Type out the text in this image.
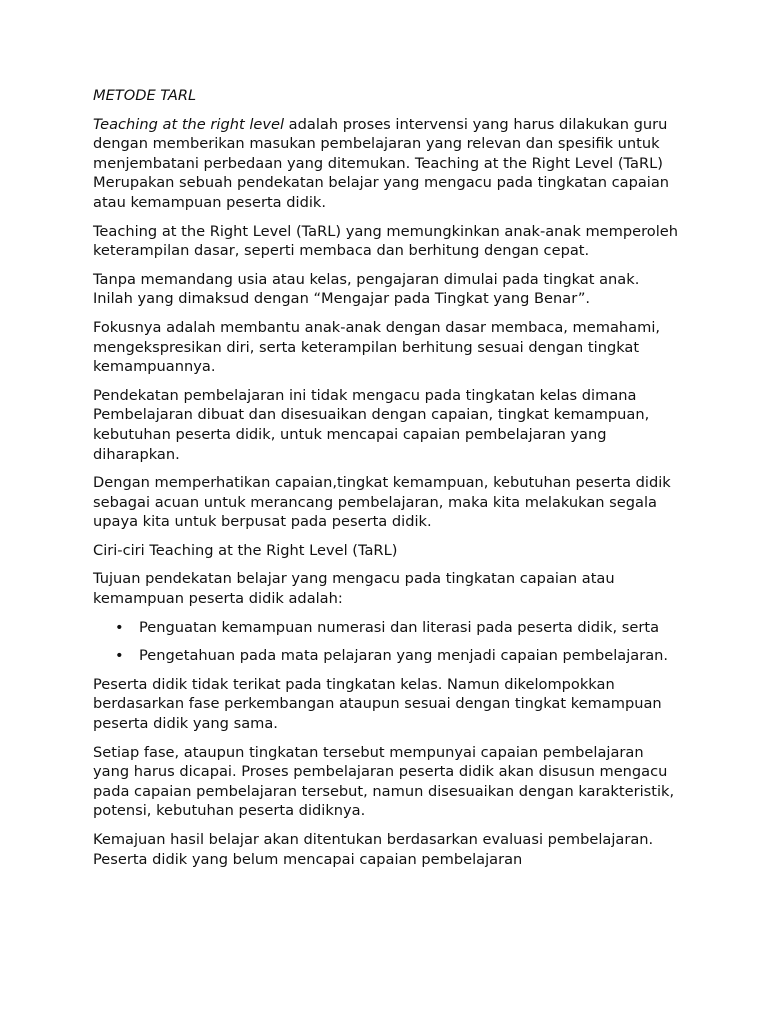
METODE TARL

Teaching at the right level adalah proses intervensi yang harus dilakukan guru dengan memberikan masukan pembelajaran yang relevan dan spesifik untuk menjembatani perbedaan yang ditemukan. Teaching at the Right Level (TaRL) Merupakan sebuah pendekatan belajar yang mengacu pada tingkatan capaian atau kemampuan peserta didik.

Teaching at the Right Level (TaRL) yang memungkinkan anak-anak memperoleh keterampilan dasar, seperti membaca dan berhitung dengan cepat.

Tanpa memandang usia atau kelas, pengajaran dimulai pada tingkat anak. Inilah yang dimaksud dengan “Mengajar pada Tingkat yang Benar”.

Fokusnya adalah membantu anak-anak dengan dasar membaca, memahami, mengekspresikan diri, serta keterampilan berhitung sesuai dengan tingkat kemampuannya.

Pendekatan pembelajaran ini tidak mengacu pada tingkatan kelas dimana Pembelajaran dibuat dan disesuaikan dengan capaian, tingkat kemampuan, kebutuhan peserta didik, untuk mencapai capaian pembelajaran yang diharapkan.

Dengan memperhatikan capaian,tingkat kemampuan, kebutuhan peserta didik sebagai acuan untuk merancang pembelajaran, maka kita melakukan segala upaya kita untuk berpusat pada peserta didik.

Ciri-ciri Teaching at the Right Level (TaRL)

Tujuan pendekatan belajar yang mengacu pada tingkatan capaian atau kemampuan peserta didik adalah:

• Penguatan kemampuan numerasi dan literasi pada peserta didik, serta
• Pengetahuan pada mata pelajaran yang menjadi capaian pembelajaran.

Peserta didik tidak terikat pada tingkatan kelas. Namun dikelompokkan berdasarkan fase perkembangan ataupun sesuai dengan tingkat kemampuan peserta didik yang sama.

Setiap fase, ataupun tingkatan tersebut mempunyai capaian pembelajaran yang harus dicapai. Proses pembelajaran peserta didik akan disusun mengacu pada capaian pembelajaran tersebut, namun disesuaikan dengan karakteristik, potensi, kebutuhan peserta didiknya.

Kemajuan hasil belajar akan ditentukan berdasarkan evaluasi pembelajaran. Peserta didik yang belum mencapai capaian pembelajaran
